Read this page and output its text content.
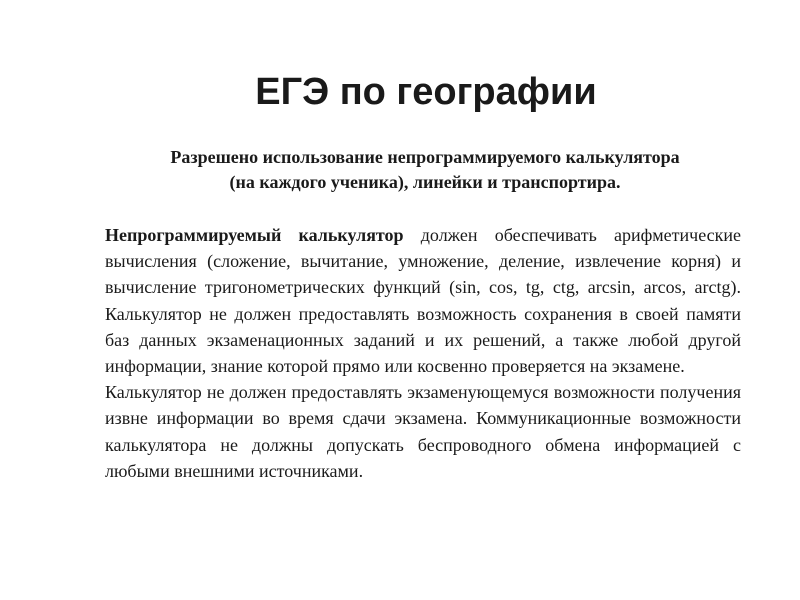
ЕГЭ по географии

Разрешено использование непрограммируемого калькулятора
(на каждого ученика), линейки и транспортира.

Непрограммируемый калькулятор должен обеспечивать арифметические вычисления (сложение, вычитание, умножение, деление, извлечение корня) и вычисление тригонометрических функций (sin, cos, tg, ctg, arcsin, arcos, arctg). Калькулятор не должен предоставлять возможность сохранения в своей памяти баз данных экзаменационных заданий и их решений, а также любой другой информации, знание которой прямо или косвенно проверяется на экзамене.
Калькулятор не должен предоставлять экзаменующемуся возможности получения извне информации во время сдачи экзамена. Коммуникационные возможности калькулятора не должны допускать беспроводного обмена информацией с любыми внешними источниками.
